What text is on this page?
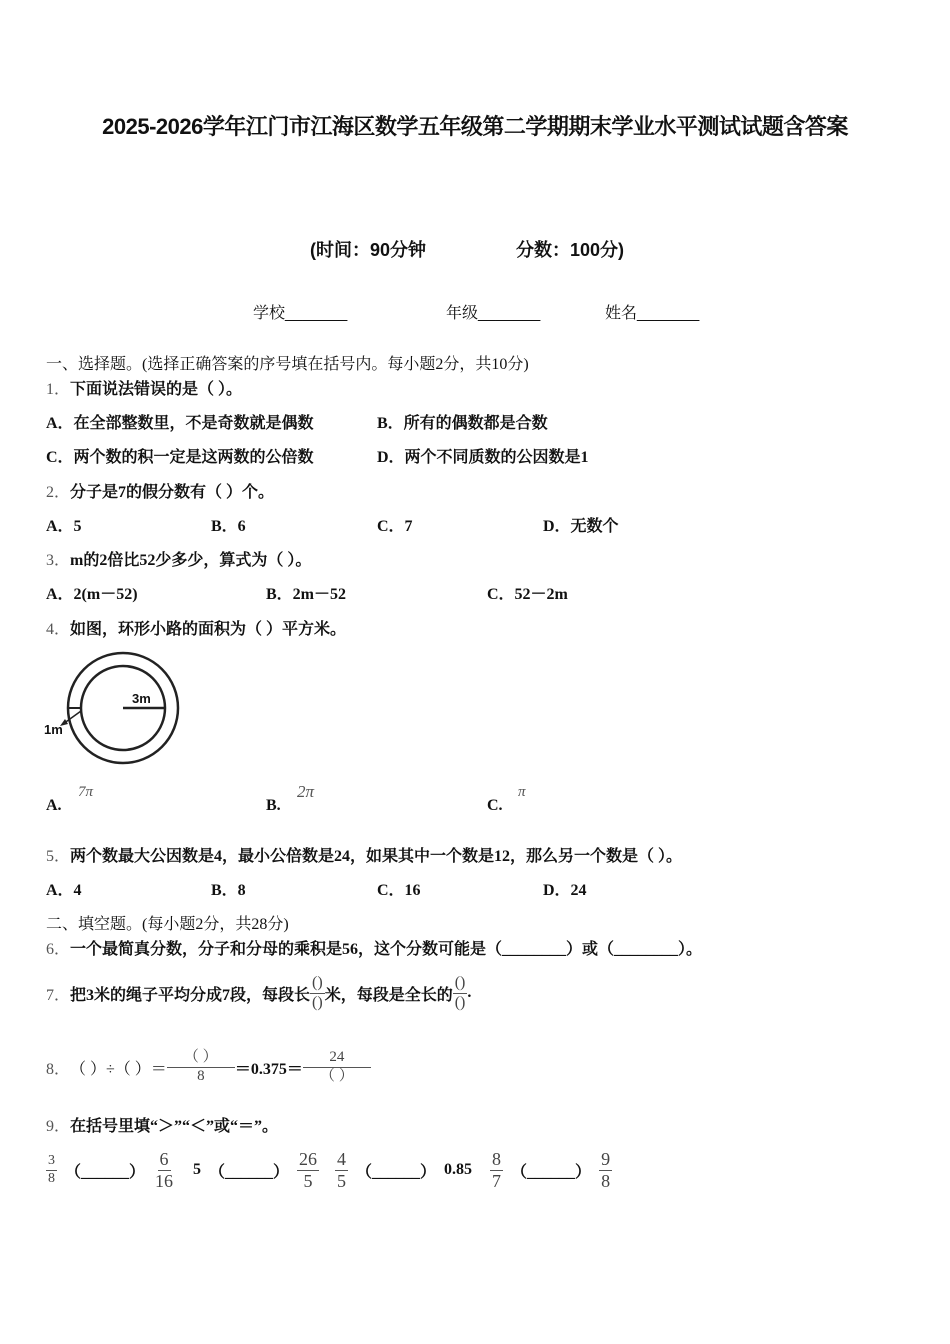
2025-2026学年江门市江海区数学五年级第二学期期末学业水平测试试题含答案
(时间：90分钟	分数：100分)
学校_______	年级_______	姓名_______
一、选择题。(选择正确答案的序号填在括号内。每小题2分，共10分)
1．下面说法错误的是（ ）。
A．在全部整数里，不是奇数就是偶数	B．所有的偶数都是合数
C．两个数的积一定是这两数的公倍数	D．两个不同质数的公因数是1
2．分子是7的假分数有（ ）个。
A．5	B．6	C．7	D．无数个
3．m的2倍比52少多少，算式为（ ）。
A．2(m－52)	B．2m－52	C．52－2m
4．如图，环形小路的面积为（ ）平方米。
3m
1m
A.
7π
B.
2π
C.
π
5．两个数最大公因数是4，最小公倍数是24，如果其中一个数是12，那么另一个数是（ ）。
A．4	B．8	C．16	D．24
二、填空题。(每小题2分，共28分)
6．一个最简真分数，分子和分母的乘积是56，这个分数可能是（________）或（________）。
7． 把3米的绳子平均分成7段，每段长 $\frac{()}{()}$ 米，每段是全长的 $\frac{()}{()}$ .
8． （ ）÷（ ）＝ $\frac{( )}{8} =0.375= \frac{24}{( )}$
9．在括号里填“＞”“＜”或“＝”。
$\frac{3}{8}$ （______） $\frac{6}{16} 5$ （______） $\frac{26}{5} \frac{4}{5}$ （______） $0.85 \frac{8}{7}$ （______） $\frac{9}{8}$
